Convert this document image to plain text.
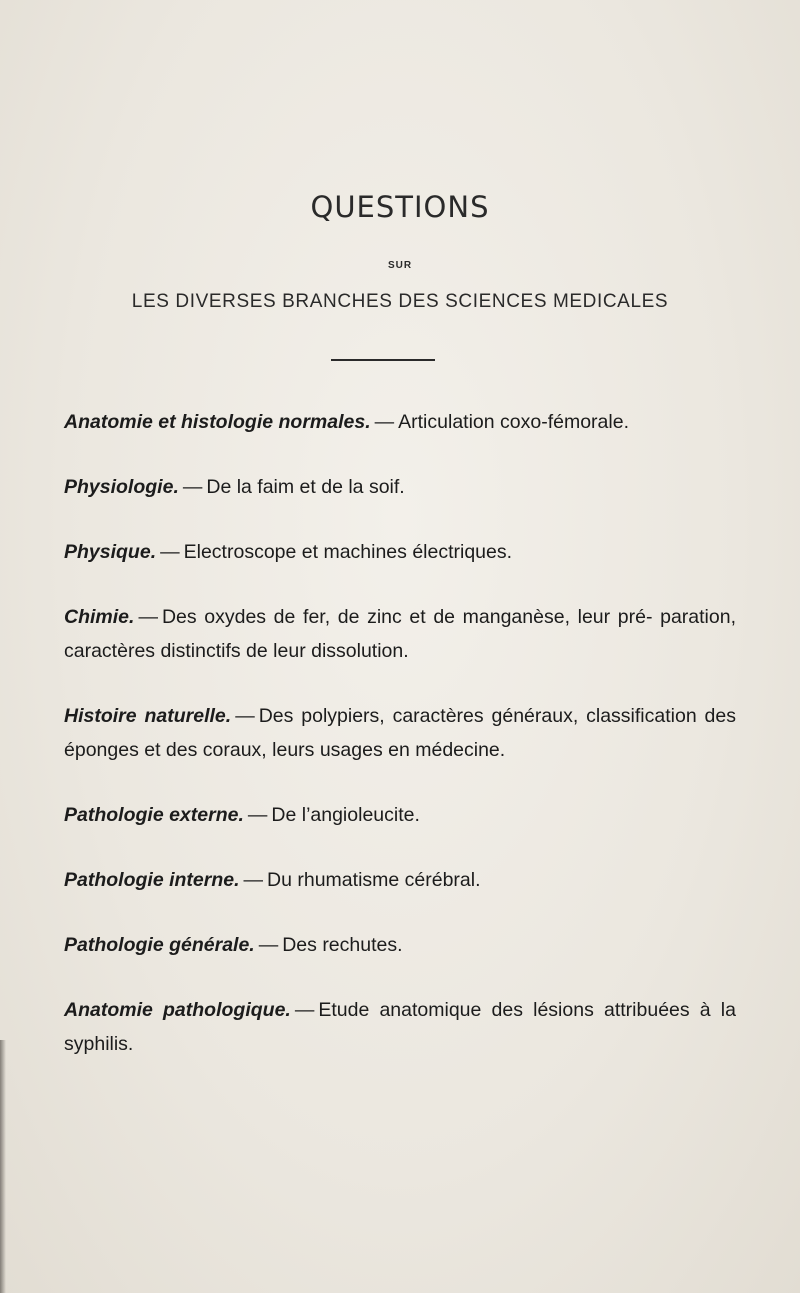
QUESTIONS
SUR
LES DIVERSES BRANCHES DES SCIENCES MEDICALES

Anatomie et histologie normales. — Articulation coxo-fémorale.

Physiologie. — De la faim et de la soif.

Physique. — Electroscope et machines électriques.

Chimie. — Des oxydes de fer, de zinc et de manganèse, leur pré- paration, caractères distinctifs de leur dissolution.

Histoire naturelle. — Des polypiers, caractères généraux, classification des éponges et des coraux, leurs usages en médecine.

Pathologie externe. — De l’angioleucite.

Pathologie interne. — Du rhumatisme cérébral.

Pathologie générale. — Des rechutes.

Anatomie pathologique. — Etude anatomique des lésions attribuées à la syphilis.
